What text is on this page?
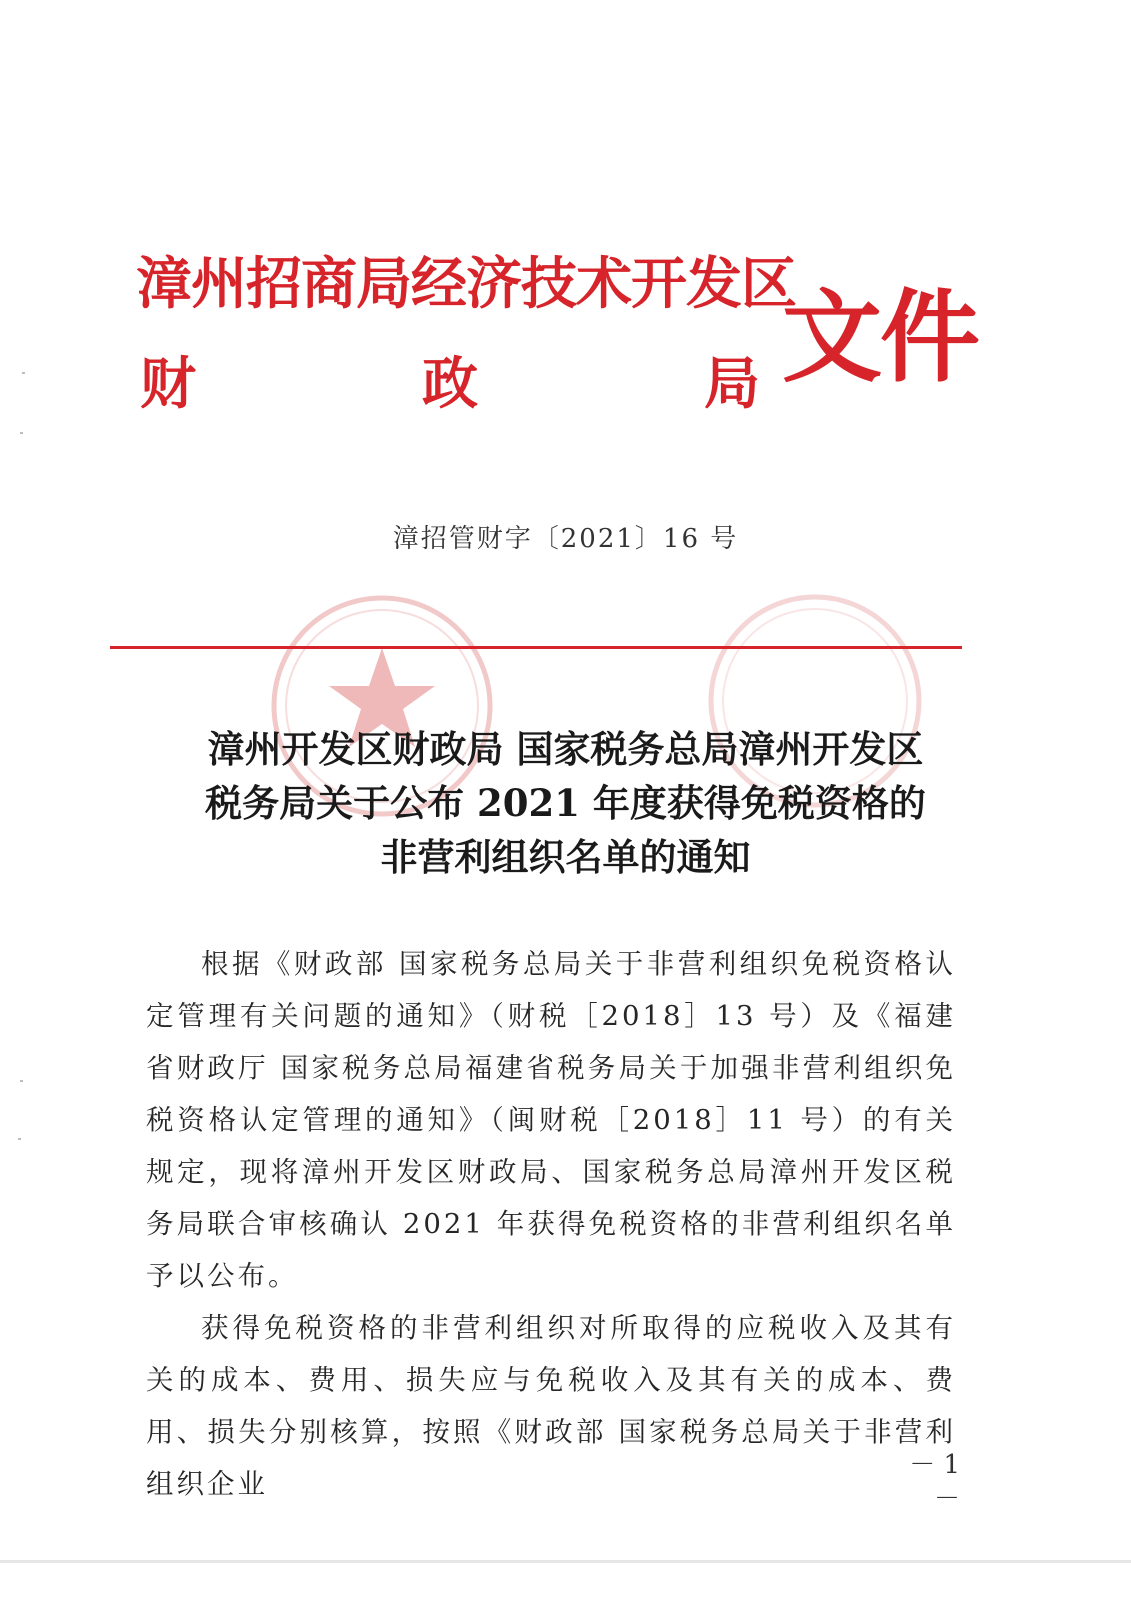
漳州招商局经济技术开发区
财	政	局 文件
漳招管财字〔2021〕16 号
漳州开发区财政局 国家税务总局漳州开发区
税务局关于公布 2021 年度获得免税资格的
非营利组织名单的通知

根据《财政部 国家税务总局关于非营利组织免税资格认定管理有关问题的通知》（财税［2018］13 号）及《福建省财政厅 国家税务总局福建省税务局关于加强非营利组织免税资格认定管理的通知》（闽财税［2018］11 号）的有关规定，现将漳州开发区财政局、国家税务总局漳州开发区税务局联合审核确认 2021 年获得免税资格的非营利组织名单予以公布。

获得免税资格的非营利组织对所取得的应税收入及其有关的成本、费用、损失应与免税收入及其有关的成本、费用、损失分别核算，按照《财政部 国家税务总局关于非营利组织企业

－ 1 －
